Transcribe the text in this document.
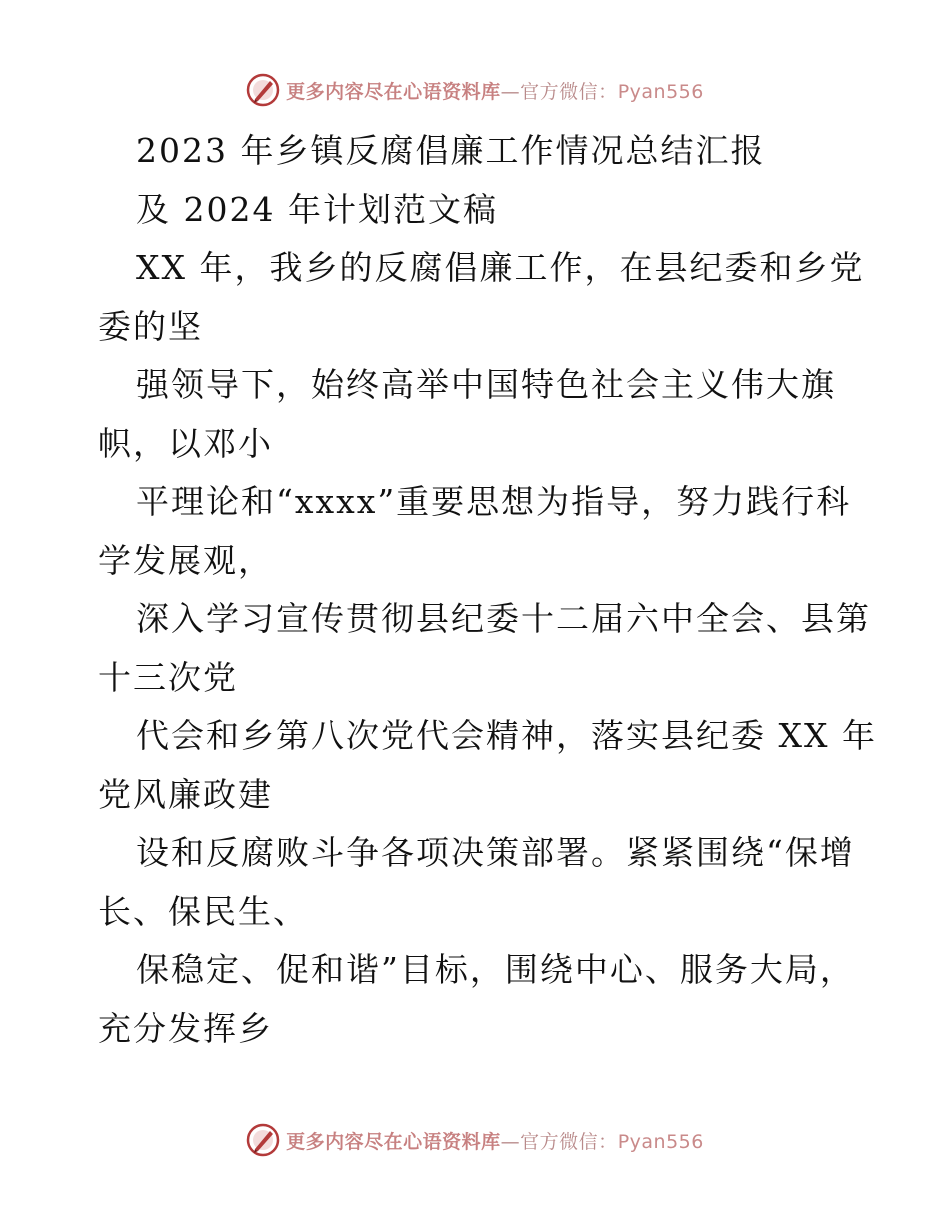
更多内容尽在心语资料库—官方微信：Pyan556
2023 年乡镇反腐倡廉工作情况总结汇报
及 2024 年计划范文稿
XX 年，我乡的反腐倡廉工作，在县纪委和乡党
委的坚
强领导下，始终高举中国特色社会主义伟大旗
帜，以邓小
平理论和“xxxx”重要思想为指导，努力践行科
学发展观，
深入学习宣传贯彻县纪委十二届六中全会、县第
十三次党
代会和乡第八次党代会精神，落实县纪委 XX 年
党风廉政建
设和反腐败斗争各项决策部署。紧紧围绕“保增
长、保民生、
保稳定、促和谐”目标，围绕中心、服务大局，
充分发挥乡
更多内容尽在心语资料库—官方微信：Pyan556
